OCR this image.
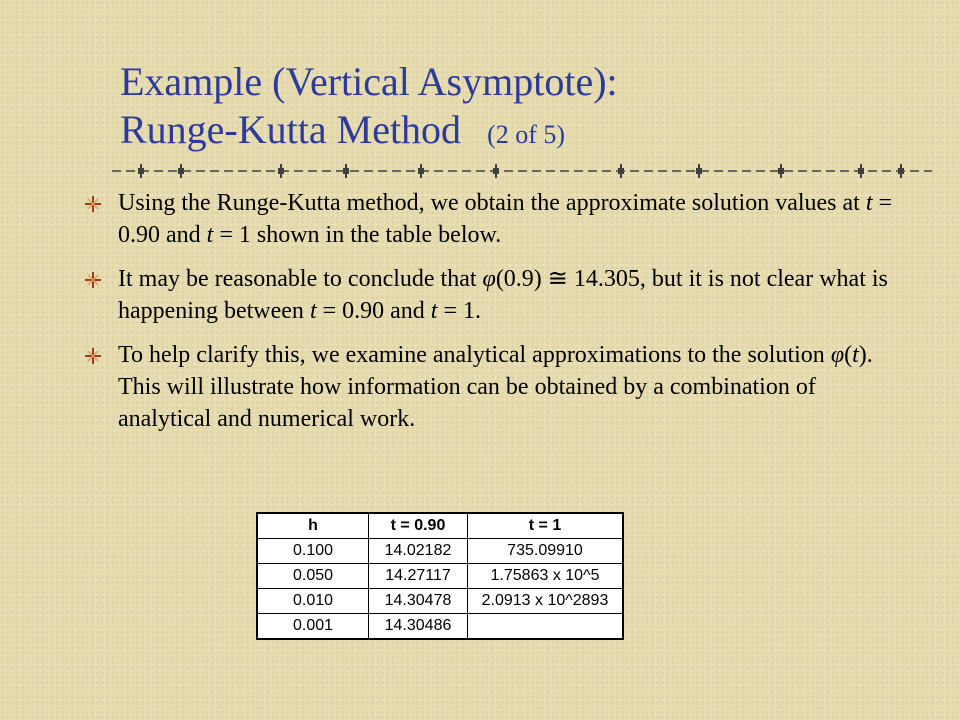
Example (Vertical Asymptote):
Runge-Kutta Method (2 of 5)
Using the Runge-Kutta method, we obtain the approximate solution values at t = 0.90 and t = 1 shown in the table below.
It may be reasonable to conclude that φ(0.9) ≅ 14.305, but it is not clear what is happening between t = 0.90 and t = 1.
To help clarify this, we examine analytical approximations to the solution φ(t). This will illustrate how information can be obtained by a combination of analytical and numerical work.
h	t = 0.90	t = 1
0.100	14.02182	735.09910
0.050	14.27117	1.75863 x 10^5
0.010	14.30478	2.0913 x 10^2893
0.001	14.30486	
